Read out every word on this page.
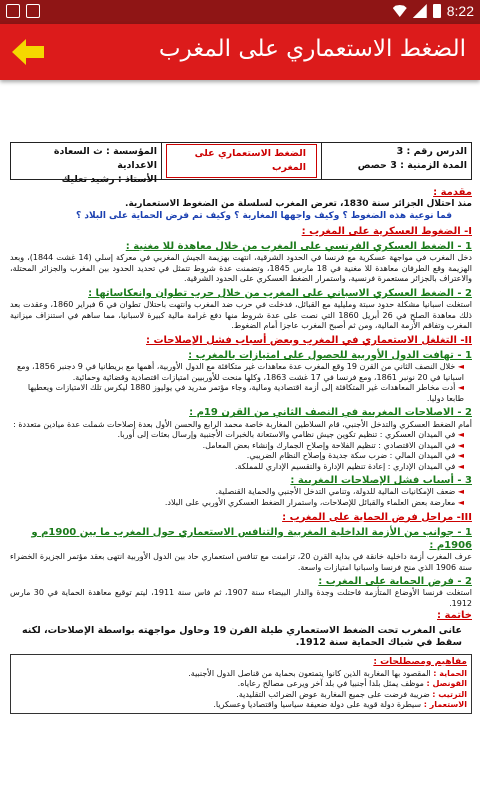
8:22
الضغط الاستعماري على المغرب
الدرس رقم : 3
المدة الزمنية : 3 حصص
الضغط الاستعماري على المغرب
المؤسسة : ث السعادة الاعدادية
الأستاذ : رشيد تعليك
مقدمة :
منذ احتلال الجزائر سنة 1830، تعرض المغرب لسلسلة من الضغوط الاستعمارية.
فما نوعية هذه الضغوط ؟ وكيف واجهها المغاربة ؟ وكيف تم فرض الحماية على البلاد ؟
I- الضغوط العسكرية على المغرب :
1 - الضغط العسكري الفرنسي على المغرب من خلال معاهدة للا مغنية :
دخل المغرب في مواجهة عسكرية مع فرنسا في الحدود الشرقية، انتهت بهزيمة الجيش المغربي في معركة إسلي (14 غشت 1844)، وبعد الهزيمة وقع الطرفان معاهدة للا مغنية في 18 مارس 1845، وتضمنت عدة شروط تتمثل في تحديد الحدود بين المغرب والجزائر المحتلة، والاعتراف بالجزائر مستعمرة فرنسية، واستمرار الضغط العسكري على الحدود الشرقية.
2 - الضغط العسكري الاسباني على المغرب من خلال حرب تطوان وانعكاساتها :
استغلت اسبانيا مشكلة حدود سبتة ومليلية مع القبائل، فدخلت في حرب ضد المغرب وانتهت باحتلال تطوان في 6 فبراير 1860، وعقدت بعد ذلك معاهدة الصلح في 26 أبريل 1860 التي نصت على عدة شروط منها دفع غرامة مالية كبيرة لاسبانيا، مما ساهم في استنزاف ميزانية المغرب وتفاقم الأزمة المالية، ومن ثم أصبح المغرب عاجزا أمام الضغوط.
II- التغلغل الاستعماري في المغرب وبعض أسباب فشل الإصلاحات :
1 - تهافت الدول الأوربية للحصول على امتيازات بالمغرب :
◄ خلال النصف الثاني من القرن 19 وقع المغرب عدة معاهدات غير متكافئة مع الدول الأوربية، أهمها مع بريطانيا في 9 دجنبر 1856، ومع اسبانيا في 20 نونبر 1861، ومع فرنسا في 17 غشت 1863، وكلها منحت للأوربيين امتيازات اقتصادية وقضائية وحمائية.
◄ أدت مخاطر المعاهدات غير المتكافئة إلى أزمة اقتصادية ومالية، وجاء مؤتمر مدريد في يوليوز 1880 ليكرس تلك الامتيازات ويعطيها طابعا دوليا.
2 - الاصلاحات المغربية في النصف الثاني من القرن 19م :
أمام الضغط العسكري والتدخل الأجنبي، قام السلاطين المغاربة خاصة محمد الرابع والحسن الأول بعدة إصلاحات شملت عدة ميادين متعددة :
◄ في الميدان العسكري : تنظيم تكوين جيش نظامي والاستعانة بالخبرات الأجنبية وإرسال بعثات إلى أوربا.
◄ في الميدان الاقتصادي : تنظيم الفلاحة وإصلاح الجمارك وإنشاء بعض المعامل.
◄ في الميدان المالي : ضرب سكة جديدة وإصلاح النظام الضريبي.
◄ في الميدان الإداري : إعادة تنظيم الإدارة والتقسيم الإداري للمملكة.
3 - أسباب فشل الإصلاحات المغربية :
◄ ضعف الإمكانيات المالية للدولة، وتنامي التدخل الأجنبي والحماية القنصلية.
◄ معارضة بعض العلماء والقبائل للإصلاحات، واستمرار الضغط العسكري الأوربي على البلاد.
III- مراحل فرض الحماية على المغرب :
1 - جوانب من الأزمة الداخلية المغربية والتنافس الاستعماري حول المغرب ما بين 1900م و 1906م :
عرف المغرب أزمة داخلية خانقة في بداية القرن 20، تزامنت مع تنافس استعماري حاد بين الدول الأوربية انتهى بعقد مؤتمر الجزيرة الخضراء سنة 1906 الذي منح فرنسا واسبانيا امتيازات واسعة.
2 - فرض الحماية على المغرب :
استغلت فرنسا الأوضاع المتأزمة فاحتلت وجدة والدار البيضاء سنة 1907، ثم فاس سنة 1911، ليتم توقيع معاهدة الحماية في 30 مارس 1912.
خاتمة :
عانى المغرب تحت الضغط الاستعماري طيلة القرن 19 وحاول مواجهته بواسطة الإصلاحات، لكنه سقط في شباك الحماية سنة 1912.
مفاهيم ومصطلحات :
الحماية : المقصود بها المغاربة الذين كانوا يتمتعون بحماية من قناصل الدول الأجنبية.
القونصل : موظف يمثل بلدا أجنبيا في بلد آخر ويرعى مصالح رعاياه.
الترتيب : ضريبة فرضت على جميع المغاربة عوض الضرائب التقليدية.
الاستعمار : سيطرة دولة قوية على دولة ضعيفة سياسيا واقتصاديا وعسكريا.
